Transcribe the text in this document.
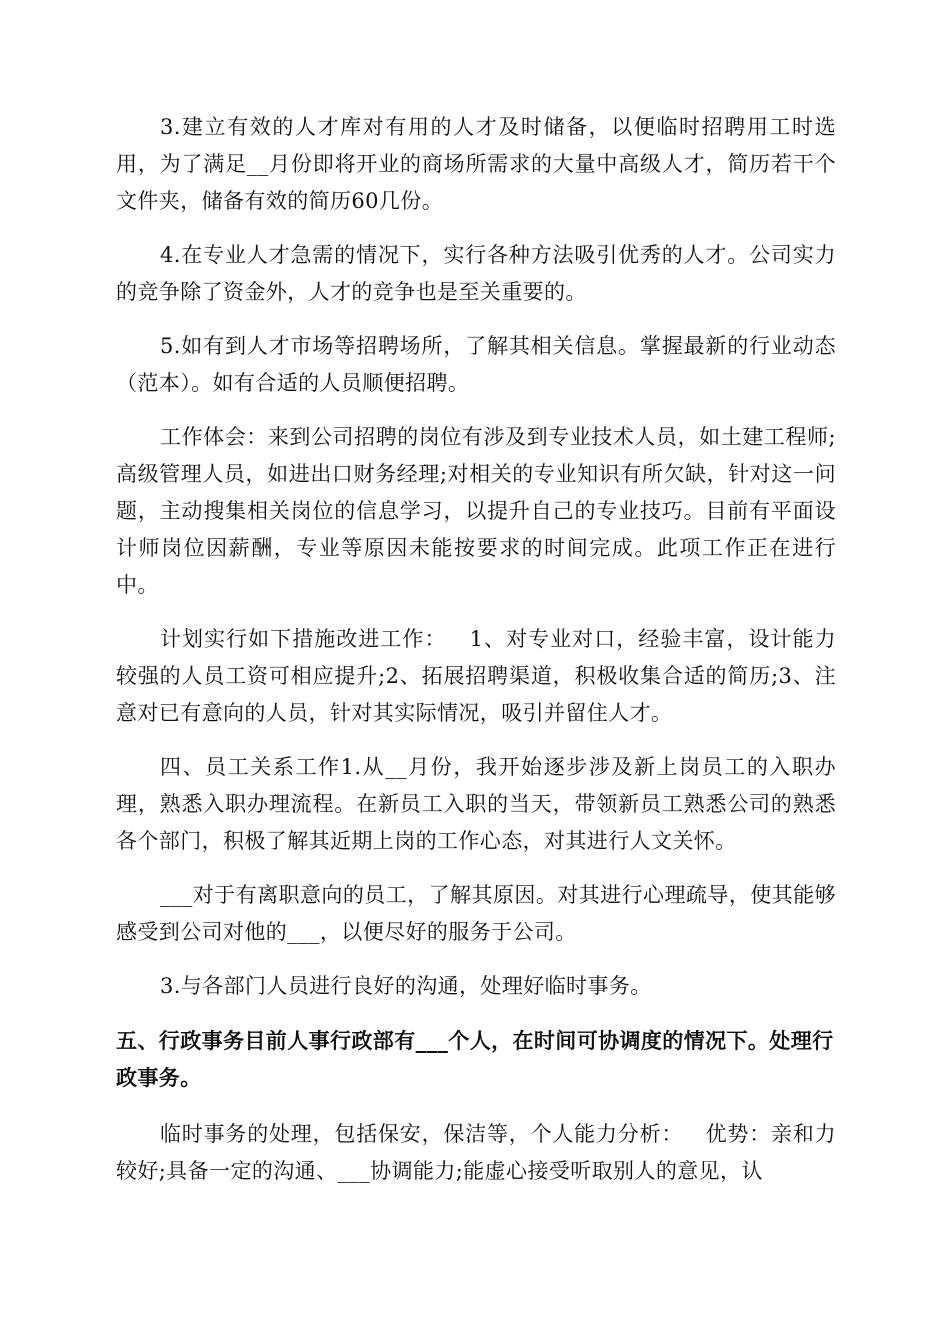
3.建立有效的人才库对有用的人才及时储备，以便临时招聘用工时选用，为了满足__月份即将开业的商场所需求的大量中高级人才，简历若干个文件夹，储备有效的简历60几份。

4.在专业人才急需的情况下，实行各种方法吸引优秀的人才。公司实力的竞争除了资金外，人才的竞争也是至关重要的。

5.如有到人才市场等招聘场所，了解其相关信息。掌握最新的行业动态（范本）。如有合适的人员顺便招聘。

工作体会：来到公司招聘的岗位有涉及到专业技术人员，如土建工程师;高级管理人员，如进出口财务经理;对相关的专业知识有所欠缺，针对这一问题，主动搜集相关岗位的信息学习，以提升自己的专业技巧。目前有平面设计师岗位因薪酬，专业等原因未能按要求的时间完成。此项工作正在进行中。

计划实行如下措施改进工作：   1、对专业对口，经验丰富，设计能力较强的人员工资可相应提升;2、拓展招聘渠道，积极收集合适的简历;3、注意对已有意向的人员，针对其实际情况，吸引并留住人才。

四、员工关系工作1.从__月份，我开始逐步涉及新上岗员工的入职办理，熟悉入职办理流程。在新员工入职的当天，带领新员工熟悉公司的熟悉各个部门，积极了解其近期上岗的工作心态，对其进行人文关怀。

___对于有离职意向的员工，了解其原因。对其进行心理疏导，使其能够感受到公司对他的___，以便尽好的服务于公司。

3.与各部门人员进行良好的沟通，处理好临时事务。

五、行政事务目前人事行政部有___个人，在时间可协调度的情况下。处理行政事务。

临时事务的处理，包括保安，保洁等，个人能力分析：   优势：亲和力较好;具备一定的沟通、___协调能力;能虚心接受听取别人的意见，认
